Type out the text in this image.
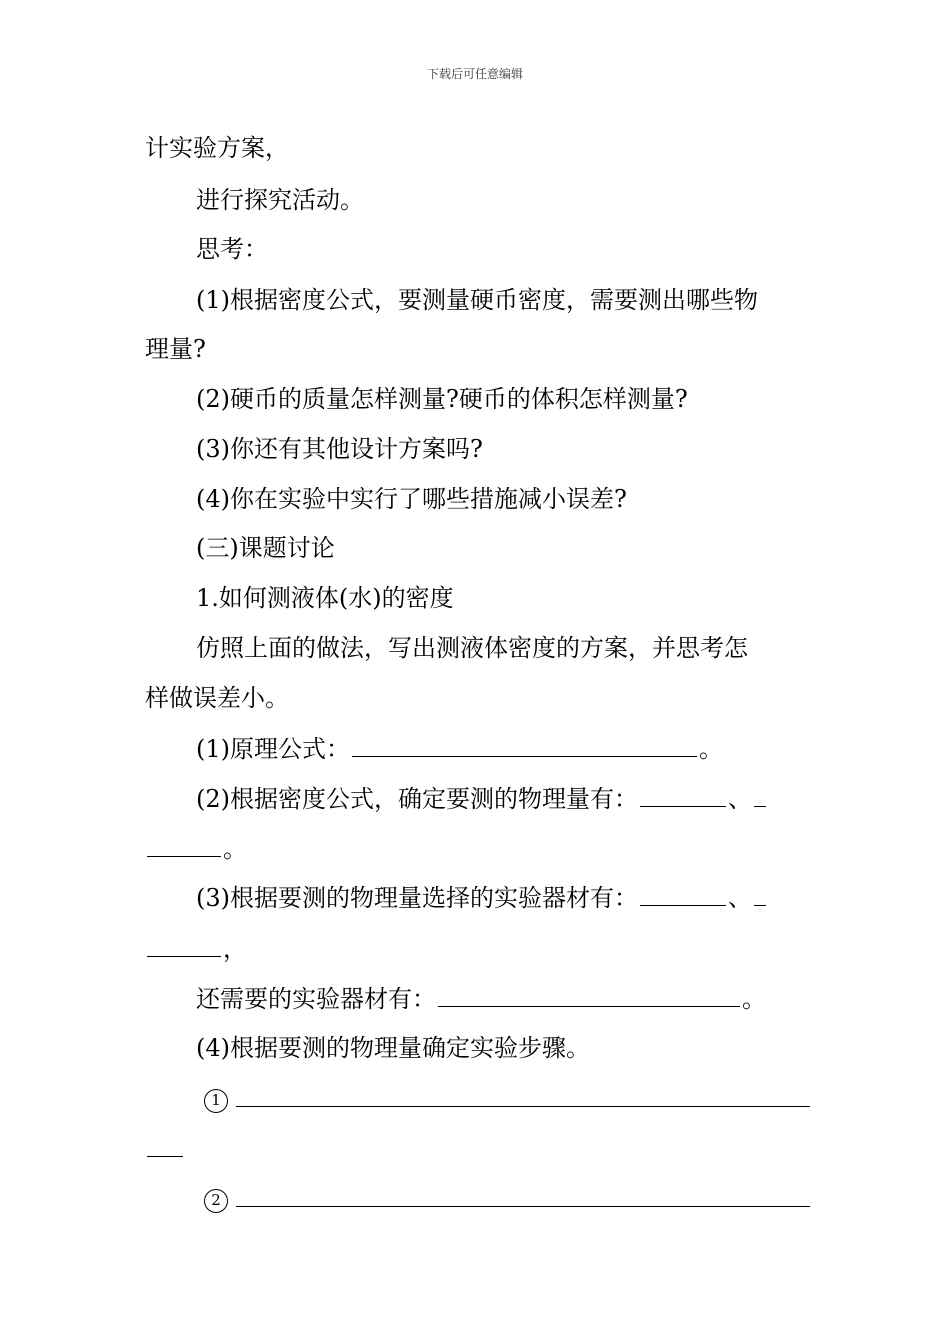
下载后可任意编辑
计实验方案，
进行探究活动。
思考：
(1)根据密度公式，要测量硬币密度，需要测出哪些物
理量?
(2)硬币的质量怎样测量?硬币的体积怎样测量?
(3)你还有其他设计方案吗?
(4)你在实验中实行了哪些措施减小误差?
(三)课题讨论
1.如何测液体(水)的密度
仿照上面的做法，写出测液体密度的方案，并思考怎
样做误差小。
(1)原理公式：	。
(2)根据密度公式，确定要测的物理量有：	、
。
(3)根据要测的物理量选择的实验器材有：	、
，
还需要的实验器材有：	。
(4)根据要测的物理量确定实验步骤。
1
2
